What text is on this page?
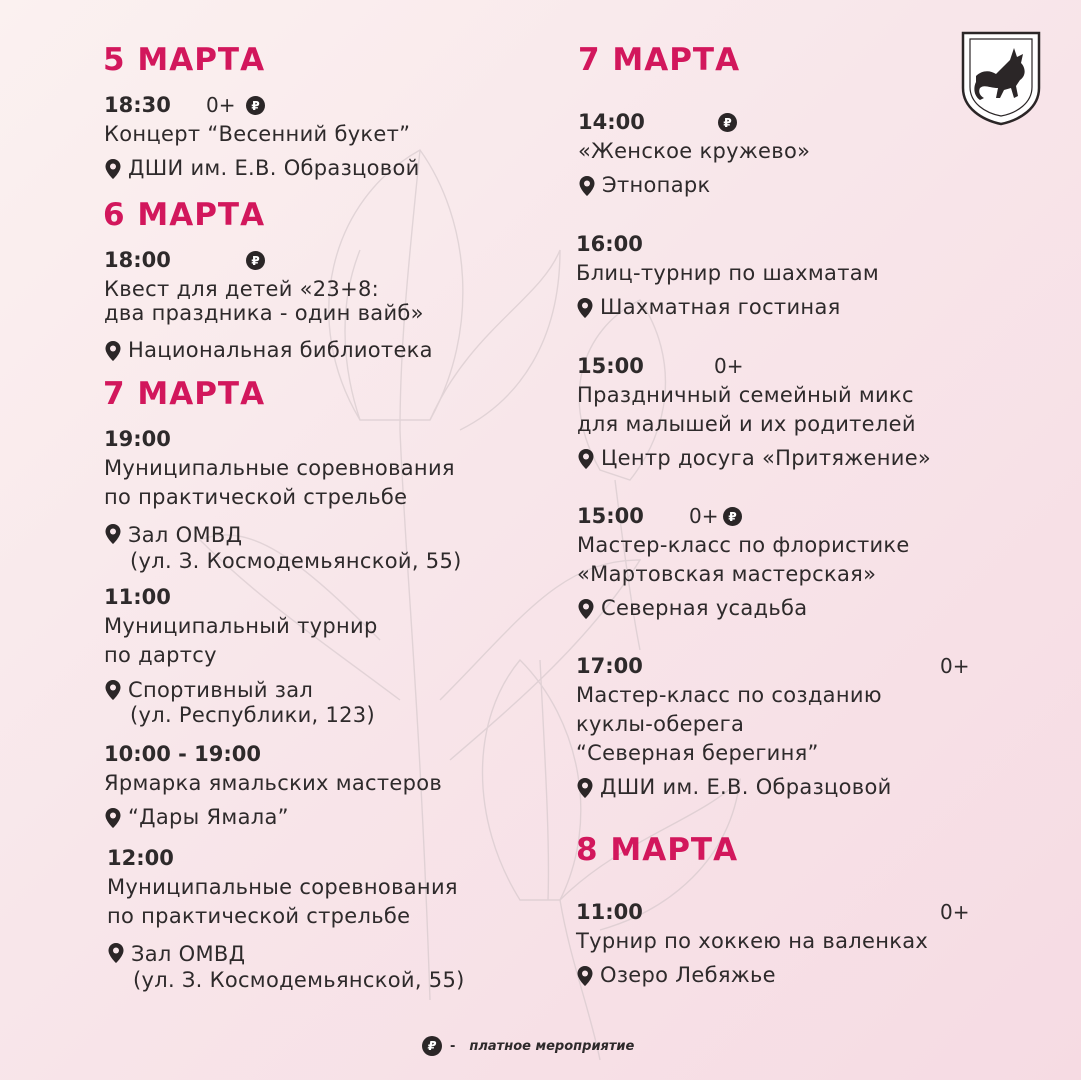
5 МАРТА
18:30 0+	₽
Концерт “Весенний букет”
ДШИ им. Е.В. Образцовой
6 МАРТА
18:00	₽
Квест для детей «23+8:
два праздника - один вайб»
Национальная библиотека
7 МАРТА
19:00
Муниципальные соревнования
по практической стрельбе
Зал ОМВД
(ул. З. Космодемьянской, 55)
11:00
Муниципальный турнир
по дартсу
Спортивный зал
(ул. Республики, 123)
10:00 - 19:00
Ярмарка ямальских мастеров
“Дары Ямала”
12:00
Муниципальные соревнования
по практической стрельбе
Зал ОМВД
(ул. З. Космодемьянской, 55)
7 МАРТА
14:00	₽
«Женское кружево»
Этнопарк
16:00
Блиц-турнир по шахматам
Шахматная гостиная
15:00	0+
Праздничный семейный микс
для малышей и их родителей
Центр досуга «Притяжение»
15:00 0+ ₽
Мастер-класс по флористике
«Мартовская мастерская»
Северная усадьба
17:00	0+
Мастер-класс по созданию
куклы-оберега
“Северная берегиня”
ДШИ им. Е.В. Образцовой
8 МАРТА
11:00	0+
Турнир по хоккею на валенках
Озеро Лебяжье
₽	- платное мероприятие
